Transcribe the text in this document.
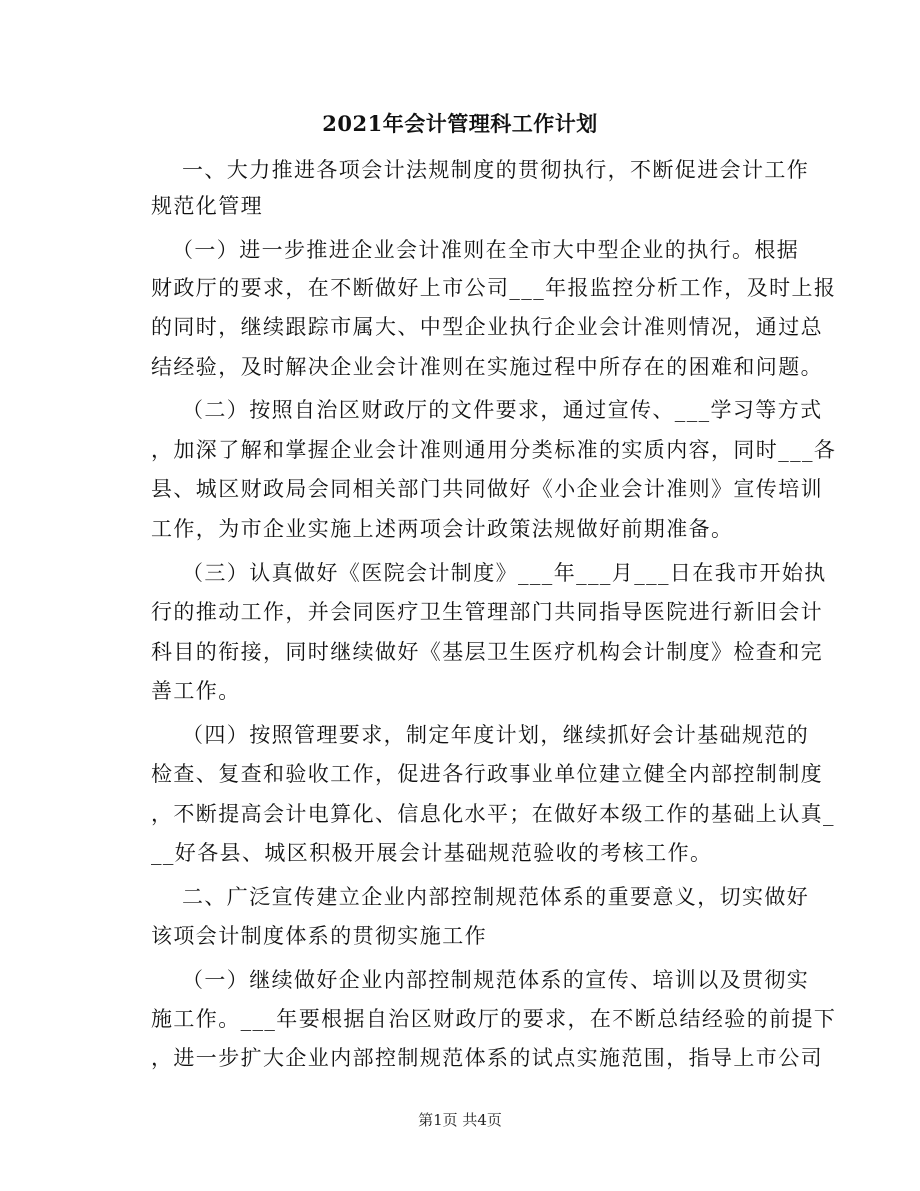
2021年会计管理科工作计划
一、大力推进各项会计法规制度的贯彻执行，不断促进会计工作
规范化管理
（一）进一步推进企业会计准则在全市大中型企业的执行。根据
财政厅的要求，在不断做好上市公司___年报监控分析工作，及时上报
的同时，继续跟踪市属大、中型企业执行企业会计准则情况，通过总
结经验，及时解决企业会计准则在实施过程中所存在的困难和问题。
（二）按照自治区财政厅的文件要求，通过宣传、___学习等方式
，加深了解和掌握企业会计准则通用分类标准的实质内容，同时___各
县、城区财政局会同相关部门共同做好《小企业会计准则》宣传培训
工作，为市企业实施上述两项会计政策法规做好前期准备。
（三）认真做好《医院会计制度》___年___月___日在我市开始执
行的推动工作，并会同医疗卫生管理部门共同指导医院进行新旧会计
科目的衔接，同时继续做好《基层卫生医疗机构会计制度》检查和完
善工作。
（四）按照管理要求，制定年度计划，继续抓好会计基础规范的
检查、复查和验收工作，促进各行政事业单位建立健全内部控制制度
，不断提高会计电算化、信息化水平；在做好本级工作的基础上认真_
__好各县、城区积极开展会计基础规范验收的考核工作。
二、广泛宣传建立企业内部控制规范体系的重要意义，切实做好
该项会计制度体系的贯彻实施工作
（一）继续做好企业内部控制规范体系的宣传、培训以及贯彻实
施工作。___年要根据自治区财政厅的要求，在不断总结经验的前提下
，进一步扩大企业内部控制规范体系的试点实施范围，指导上市公司
第1页 共4页
